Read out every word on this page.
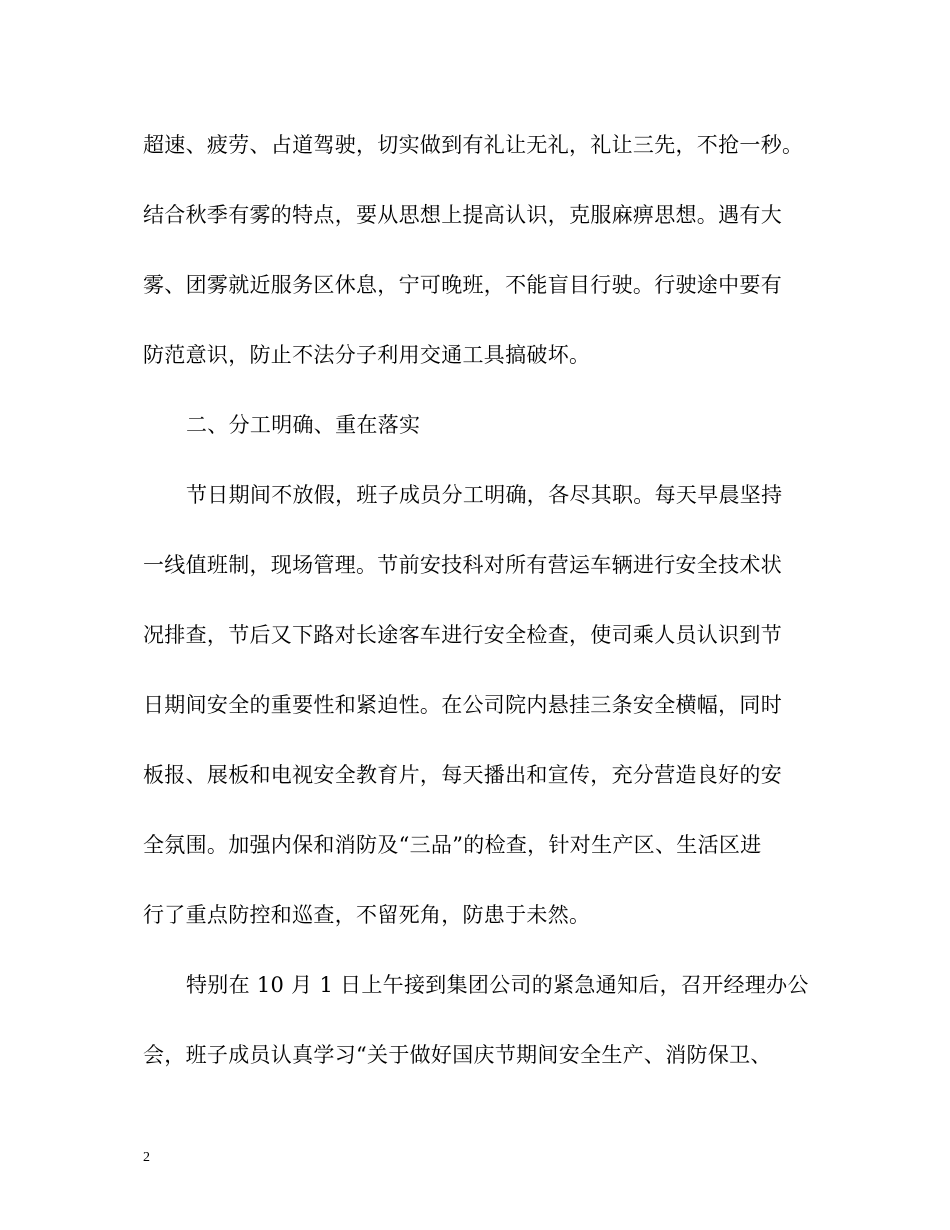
超速、疲劳、占道驾驶，切实做到有礼让无礼，礼让三先，不抢一秒。
结合秋季有雾的特点，要从思想上提高认识，克服麻痹思想。遇有大
雾、团雾就近服务区休息，宁可晚班，不能盲目行驶。行驶途中要有
防范意识，防止不法分子利用交通工具搞破坏。
二、分工明确、重在落实
节日期间不放假，班子成员分工明确，各尽其职。每天早晨坚持
一线值班制，现场管理。节前安技科对所有营运车辆进行安全技术状
况排查，节后又下路对长途客车进行安全检查，使司乘人员认识到节
日期间安全的重要性和紧迫性。在公司院内悬挂三条安全横幅，同时
板报、展板和电视安全教育片，每天播出和宣传，充分营造良好的安
全氛围。加强内保和消防及“三品”的检查，针对生产区、生活区进
行了重点防控和巡查，不留死角，防患于未然。
特别在 10 月 1 日上午接到集团公司的紧急通知后，召开经理办公
会，班子成员认真学习“关于做好国庆节期间安全生产、消防保卫、
2
